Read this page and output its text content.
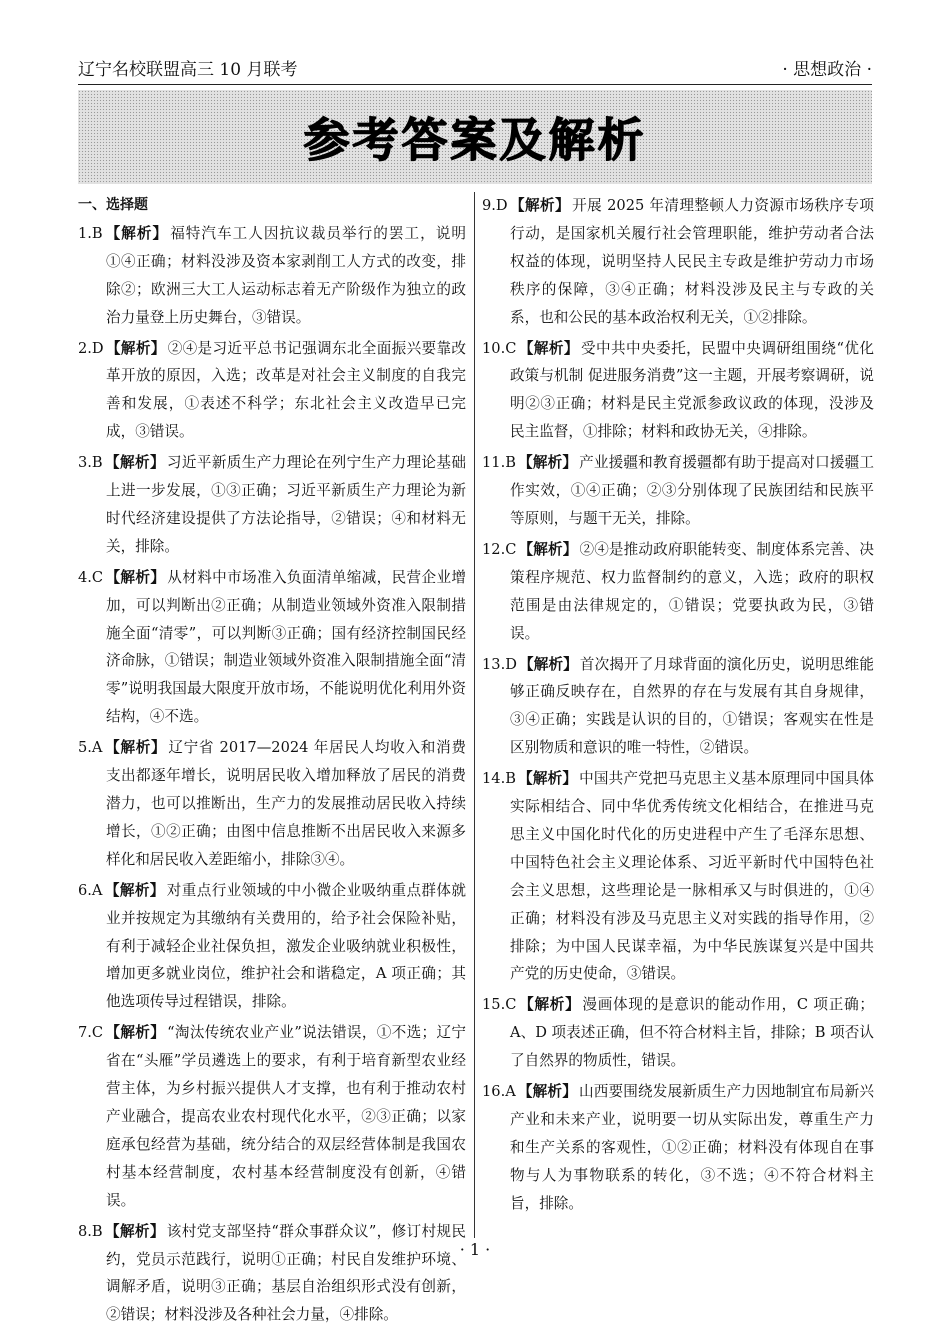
辽宁名校联盟高三 10 月联考	· 思想政治 ·
参考答案及解析
一、选择题
1.B 【解析】 福特汽车工人因抗议裁员举行的罢工，说明①④正确；材料没涉及资本家剥削工人方式的改变，排除②；欧洲三大工人运动标志着无产阶级作为独立的政治力量登上历史舞台，③错误。
2.D 【解析】 ②④是习近平总书记强调东北全面振兴要靠改革开放的原因，入选；改革是对社会主义制度的自我完善和发展，①表述不科学；东北社会主义改造早已完成，③错误。
3.B 【解析】 习近平新质生产力理论在列宁生产力理论基础上进一步发展，①③正确；习近平新质生产力理论为新时代经济建设提供了方法论指导，②错误；④和材料无关，排除。
4.C 【解析】 从材料中市场准入负面清单缩减，民营企业增加，可以判断出②正确；从制造业领域外资准入限制措施全面“清零”，可以判断③正确；国有经济控制国民经济命脉，①错误；制造业领域外资准入限制措施全面“清零”说明我国最大限度开放市场，不能说明优化利用外资结构，④不选。
5.A 【解析】 辽宁省 2017—2024 年居民人均收入和消费支出都逐年增长，说明居民收入增加释放了居民的消费潜力，也可以推断出，生产力的发展推动居民收入持续增长，①②正确；由图中信息推断不出居民收入来源多样化和居民收入差距缩小，排除③④。
6.A 【解析】 对重点行业领域的中小微企业吸纳重点群体就业并按规定为其缴纳有关费用的，给予社会保险补贴，有利于减轻企业社保负担，激发企业吸纳就业积极性，增加更多就业岗位，维护社会和谐稳定，A 项正确；其他选项传导过程错误，排除。
7.C 【解析】 “淘汰传统农业产业”说法错误，①不选；辽宁省在“头雁”学员遴选上的要求，有利于培育新型农业经营主体，为乡村振兴提供人才支撑，也有利于推动农村产业融合，提高农业农村现代化水平，②③正确；以家庭承包经营为基础，统分结合的双层经营体制是我国农村基本经营制度，农村基本经营制度没有创新，④错误。
8.B 【解析】 该村党支部坚持“群众事群众议”，修订村规民约，党员示范践行，说明①正确；村民自发维护环境、调解矛盾，说明③正确；基层自治组织形式没有创新，②错误；材料没涉及各种社会力量，④排除。
9.D 【解析】 开展 2025 年清理整顿人力资源市场秩序专项行动，是国家机关履行社会管理职能，维护劳动者合法权益的体现，说明坚持人民民主专政是维护劳动力市场秩序的保障，③④正确；材料没涉及民主与专政的关系，也和公民的基本政治权利无关，①②排除。
10.C 【解析】 受中共中央委托，民盟中央调研组围绕“优化政策与机制 促进服务消费”这一主题，开展考察调研，说明②③正确；材料是民主党派参政议政的体现，没涉及民主监督，①排除；材料和政协无关，④排除。
11.B 【解析】 产业援疆和教育援疆都有助于提高对口援疆工作实效，①④正确；②③分别体现了民族团结和民族平等原则，与题干无关，排除。
12.C 【解析】 ②④是推动政府职能转变、制度体系完善、决策程序规范、权力监督制约的意义，入选；政府的职权范围是由法律规定的，①错误；党要执政为民，③错误。
13.D 【解析】 首次揭开了月球背面的演化历史，说明思维能够正确反映存在，自然界的存在与发展有其自身规律，③④正确；实践是认识的目的，①错误；客观实在性是区别物质和意识的唯一特性，②错误。
14.B 【解析】 中国共产党把马克思主义基本原理同中国具体实际相结合、同中华优秀传统文化相结合，在推进马克思主义中国化时代化的历史进程中产生了毛泽东思想、中国特色社会主义理论体系、习近平新时代中国特色社会主义思想，这些理论是一脉相承又与时俱进的，①④正确；材料没有涉及马克思主义对实践的指导作用，②排除；为中国人民谋幸福，为中华民族谋复兴是中国共产党的历史使命，③错误。
15.C 【解析】 漫画体现的是意识的能动作用，C 项正确；A、D 项表述正确，但不符合材料主旨，排除；B 项否认了自然界的物质性，错误。
16.A 【解析】 山西要围绕发展新质生产力因地制宜布局新兴产业和未来产业，说明要一切从实际出发，尊重生产力和生产关系的客观性，①②正确；材料没有体现自在事物与人为事物联系的转化，③不选；④不符合材料主旨，排除。
· 1 ·
